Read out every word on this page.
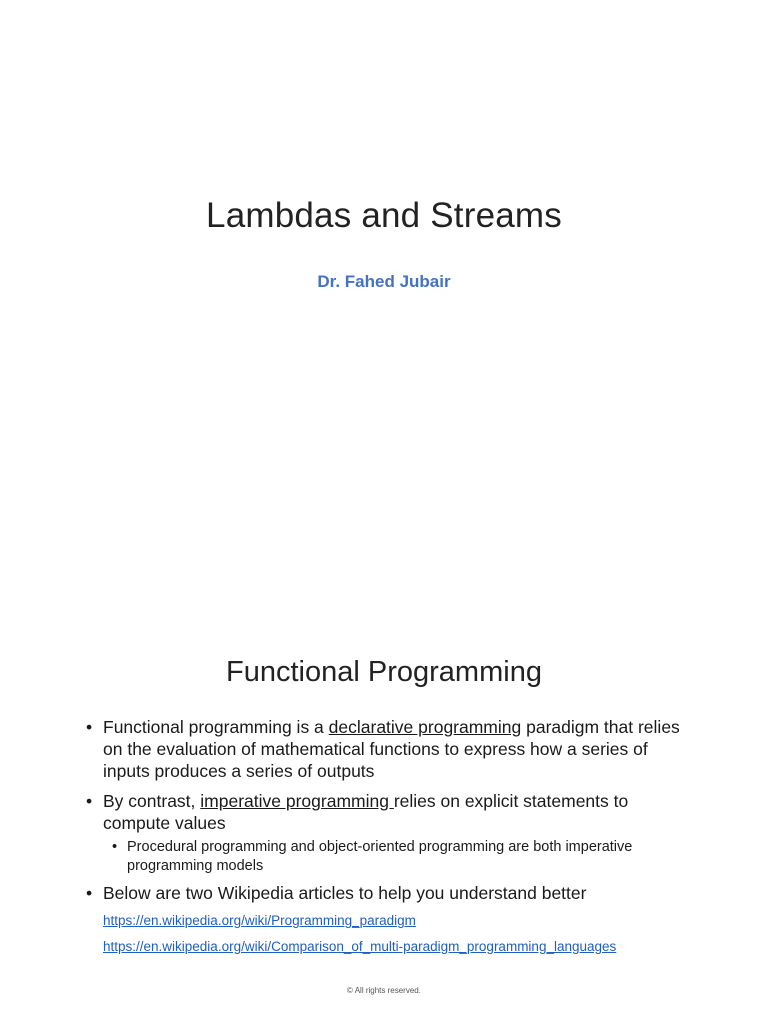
Lambdas and Streams
Dr. Fahed Jubair
Functional Programming
• Functional programming is a declarative programming paradigm that relies on the evaluation of mathematical functions to express how a series of inputs produces a series of outputs
• By contrast, imperative programming relies on explicit statements to compute values
• Procedural programming and object-oriented programming are both imperative programming models
• Below are two Wikipedia articles to help you understand better
https://en.wikipedia.org/wiki/Programming_paradigm
https://en.wikipedia.org/wiki/Comparison_of_multi-paradigm_programming_languages
© All rights reserved.
